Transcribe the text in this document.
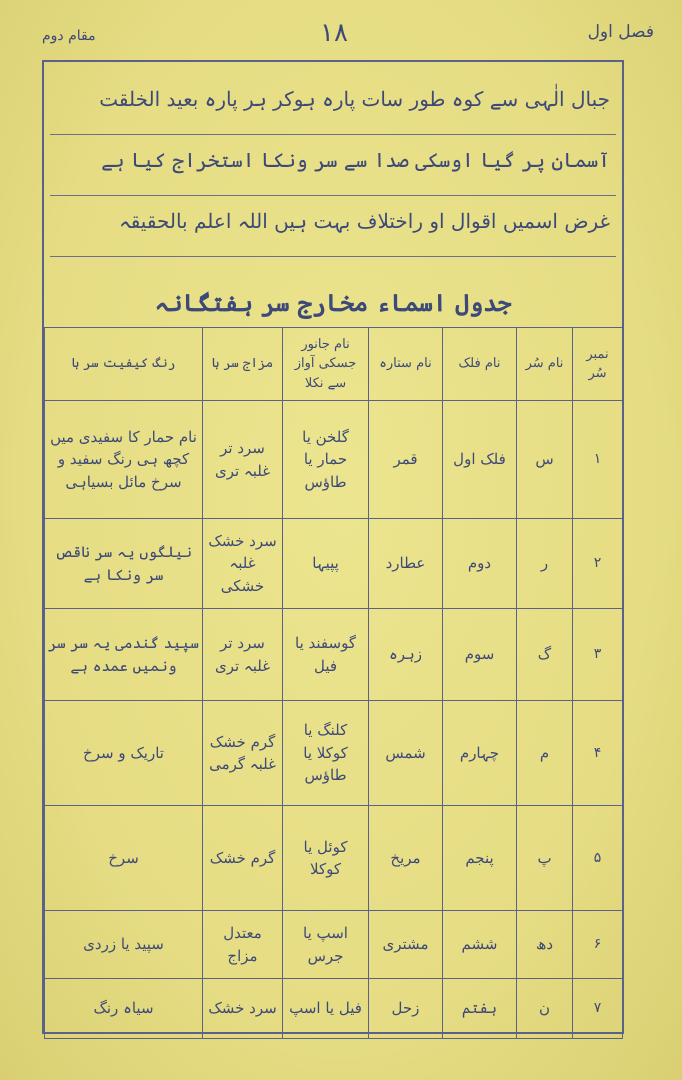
فصل اول
۱۸
مقام دوم
جبال الٰہی سے کوہ طور سات پارہ ہوکر ہر پارہ بعید الخلقت
آسمان پر گیا اوسکی صدا سے سر ونکا استخراج کیا ہے
غرض اسمیں اقوال او راختلاف بہت ہیں اللہ اعلم بالحقیقہ
جدول اسماء مخارج سر ہفتگانہ
نمبر سُر	نام سُر	نام فلک	نام ستارہ	نام جانور جسکی آواز سے نکلا	مزاج سر ہا	رنگ کیفیت سر ہا
۱	س	فلک اول	قمر	گلخن یا حمار یا طاؤس	سرد تر غلبہ تری	نام حمار کا سفیدی میں کچھ ہی رنگ سفید و سرخ مائل بسیاہی
۲	ر	دوم	عطارد	پپیہا	سرد خشک غلبہ خشکی	نیلگوں یہ سر ناقص سر ونکا ہے
۳	گ	سوم	زہرہ	گوسفند یا فیل	سرد تر غلبہ تری	سپید گندمی یہ سر سر ونمیں عمدہ ہے
۴	م	چہارم	شمس	کلنگ یا کوکلا یا طاؤس	گرم خشک غلبہ گرمی	تاریک و سرخ
۵	پ	پنجم	مریخ	کوئل یا کوکلا	گرم خشک	سرخ
۶	دھ	ششم	مشتری	اسپ یا جرس	معتدل مزاج	سپید یا زردی
۷	ن	ہفتم	زحل	فیل یا اسپ	سرد خشک	سیاہ رنگ
